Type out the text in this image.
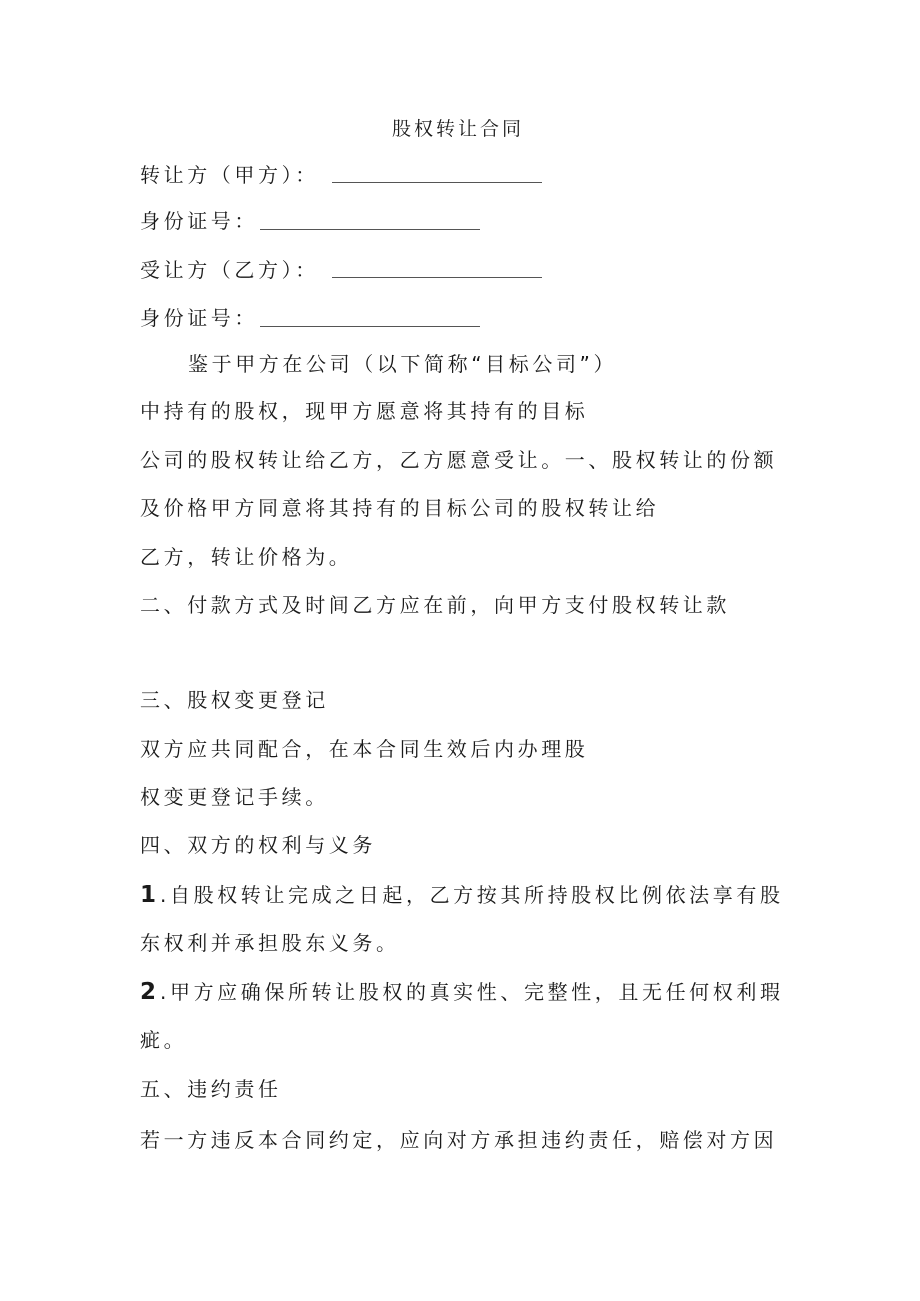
股权转让合同
转让方（甲方）：
身份证号：
受让方（乙方）：
身份证号：
鉴于甲方在公司（以下简称“目标公司”）
中持有的股权，现甲方愿意将其持有的目标
公司的股权转让给乙方，乙方愿意受让。一、股权转让的份额
及价格甲方同意将其持有的目标公司的股权转让给
乙方，转让价格为。
二、付款方式及时间乙方应在前，向甲方支付股权转让款
三、股权变更登记
双方应共同配合，在本合同生效后内办理股
权变更登记手续。
四、双方的权利与义务
1.自股权转让完成之日起，乙方按其所持股权比例依法享有股
东权利并承担股东义务。
2.甲方应确保所转让股权的真实性、完整性，且无任何权利瑕
疵。
五、违约责任
若一方违反本合同约定，应向对方承担违约责任，赔偿对方因
